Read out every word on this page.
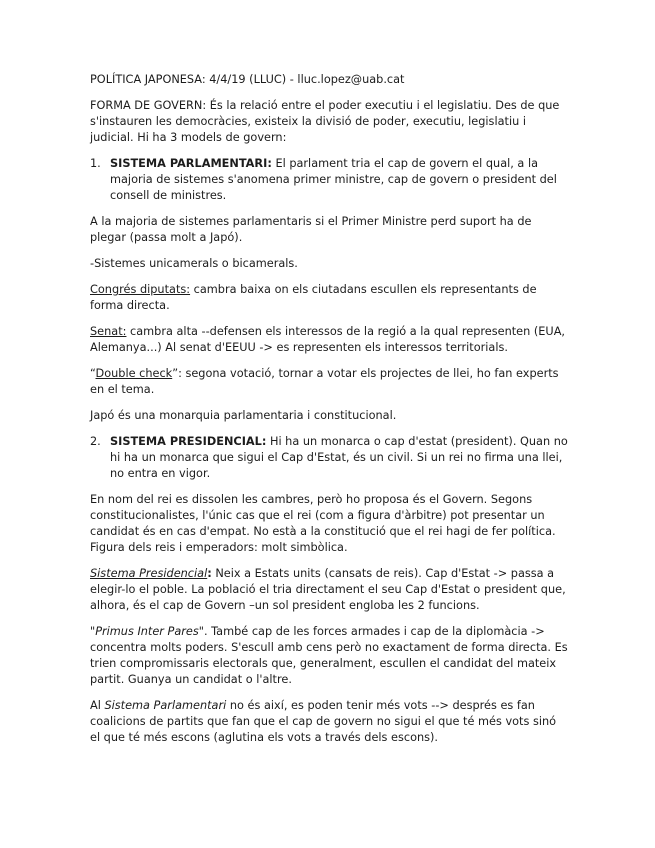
POLÍTICA JAPONESA: 4/4/19 (LLUC) - lluc.lopez@uab.cat

FORMA DE GOVERN: És la relació entre el poder executiu i el legislatiu. Des de que s'instauren les democràcies, existeix la divisió de poder, executiu, legislatiu i judicial. Hi ha 3 models de govern:

1. SISTEMA PARLAMENTARI: El parlament tria el cap de govern el qual, a la majoria de sistemes s'anomena primer ministre, cap de govern o president del consell de ministres.

A la majoria de sistemes parlamentaris si el Primer Ministre perd suport ha de plegar (passa molt a Japó).

-Sistemes unicamerals o bicamerals.

Congrés diputats: cambra baixa on els ciutadans escullen els representants de forma directa.

Senat: cambra alta --defensen els interessos de la regió a la qual representen (EUA, Alemanya...) Al senat d'EEUU -> es representen els interessos territorials.

“Double check”: segona votació, tornar a votar els projectes de llei, ho fan experts en el tema.

Japó és una monarquia parlamentaria i constitucional.

2. SISTEMA PRESIDENCIAL: Hi ha un monarca o cap d'estat (president). Quan no hi ha un monarca que sigui el Cap d'Estat, és un civil. Si un rei no firma una llei, no entra en vigor.

En nom del rei es dissolen les cambres, però ho proposa és el Govern. Segons constitucionalistes, l'únic cas que el rei (com a figura d'àrbitre) pot presentar un candidat és en cas d'empat. No està a la constitució que el rei hagi de fer política. Figura dels reis i emperadors: molt simbòlica.

Sistema Presidencial: Neix a Estats units (cansats de reis). Cap d'Estat -> passa a elegir-lo el poble. La població el tria directament el seu Cap d'Estat o president que, alhora, és el cap de Govern –un sol president engloba les 2 funcions.

"Primus Inter Pares". També cap de les forces armades i cap de la diplomàcia -> concentra molts poders. S'escull amb cens però no exactament de forma directa. Es trien compromissaris electorals que, generalment, escullen el candidat del mateix partit. Guanya un candidat o l'altre.

Al Sistema Parlamentari no és així, es poden tenir més vots --> després es fan coalicions de partits que fan que el cap de govern no sigui el que té més vots sinó el que té més escons (aglutina els vots a través dels escons).
